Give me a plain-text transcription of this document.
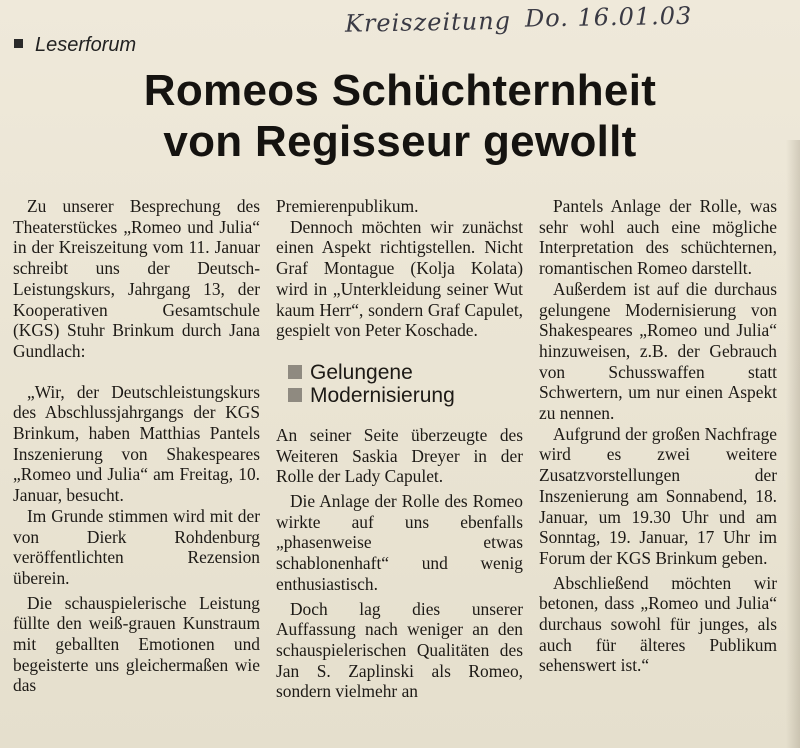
Kreiszeitung Do. 16.01.03
Leserforum
Romeos Schüchternheit
von Regisseur gewollt

Zu unserer Besprechung des Theaterstückes „Romeo und Julia“ in der Kreiszeitung vom 11. Januar schreibt uns der Deutsch-Leistungskurs, Jahrgang 13, der Kooperativen Gesamtschule (KGS) Stuhr Brinkum durch Jana Gundlach:

„Wir, der Deutschleistungskurs des Abschlussjahrgangs der KGS Brinkum, haben Matthias Pantels Inszenierung von Shakespeares „Romeo und Julia“ am Freitag, 10. Januar, besucht.

Im Grunde stimmen wird mit der von Dierk Rohdenburg veröffentlichten Rezension überein.

Die schauspielerische Leistung füllte den weiß-grauen Kunstraum mit geballten Emotionen und begeisterte uns gleichermaßen wie das

Premierenpublikum.

Dennoch möchten wir zunächst einen Aspekt richtigstellen. Nicht Graf Montague (Kolja Kolata) wird in „Unterkleidung seiner Wut kaum Herr“, sondern Graf Capulet, gespielt von Peter Koschade.

Gelungene
Modernisierung

An seiner Seite überzeugte des Weiteren Saskia Dreyer in der Rolle der Lady Capulet.

Die Anlage der Rolle des Romeo wirkte auf uns ebenfalls „phasenweise etwas schablonenhaft“ und wenig enthusiastisch.

Doch lag dies unserer Auffassung nach weniger an den schauspielerischen Qualitäten des Jan S. Zaplinski als Romeo, sondern vielmehr an

Pantels Anlage der Rolle, was sehr wohl auch eine mögliche Interpretation des schüchternen, romantischen Romeo darstellt.

Außerdem ist auf die durchaus gelungene Modernisierung von Shakespeares „Romeo und Julia“ hinzuweisen, z.B. der Gebrauch von Schusswaffen statt Schwertern, um nur einen Aspekt zu nennen.

Aufgrund der großen Nachfrage wird es zwei weitere Zusatzvorstellungen der Inszenierung am Sonnabend, 18. Januar, um 19.30 Uhr und am Sonntag, 19. Januar, 17 Uhr im Forum der KGS Brinkum geben.

Abschließend möchten wir betonen, dass „Romeo und Julia“ durchaus sowohl für junges, als auch für älteres Publikum sehenswert ist.“
